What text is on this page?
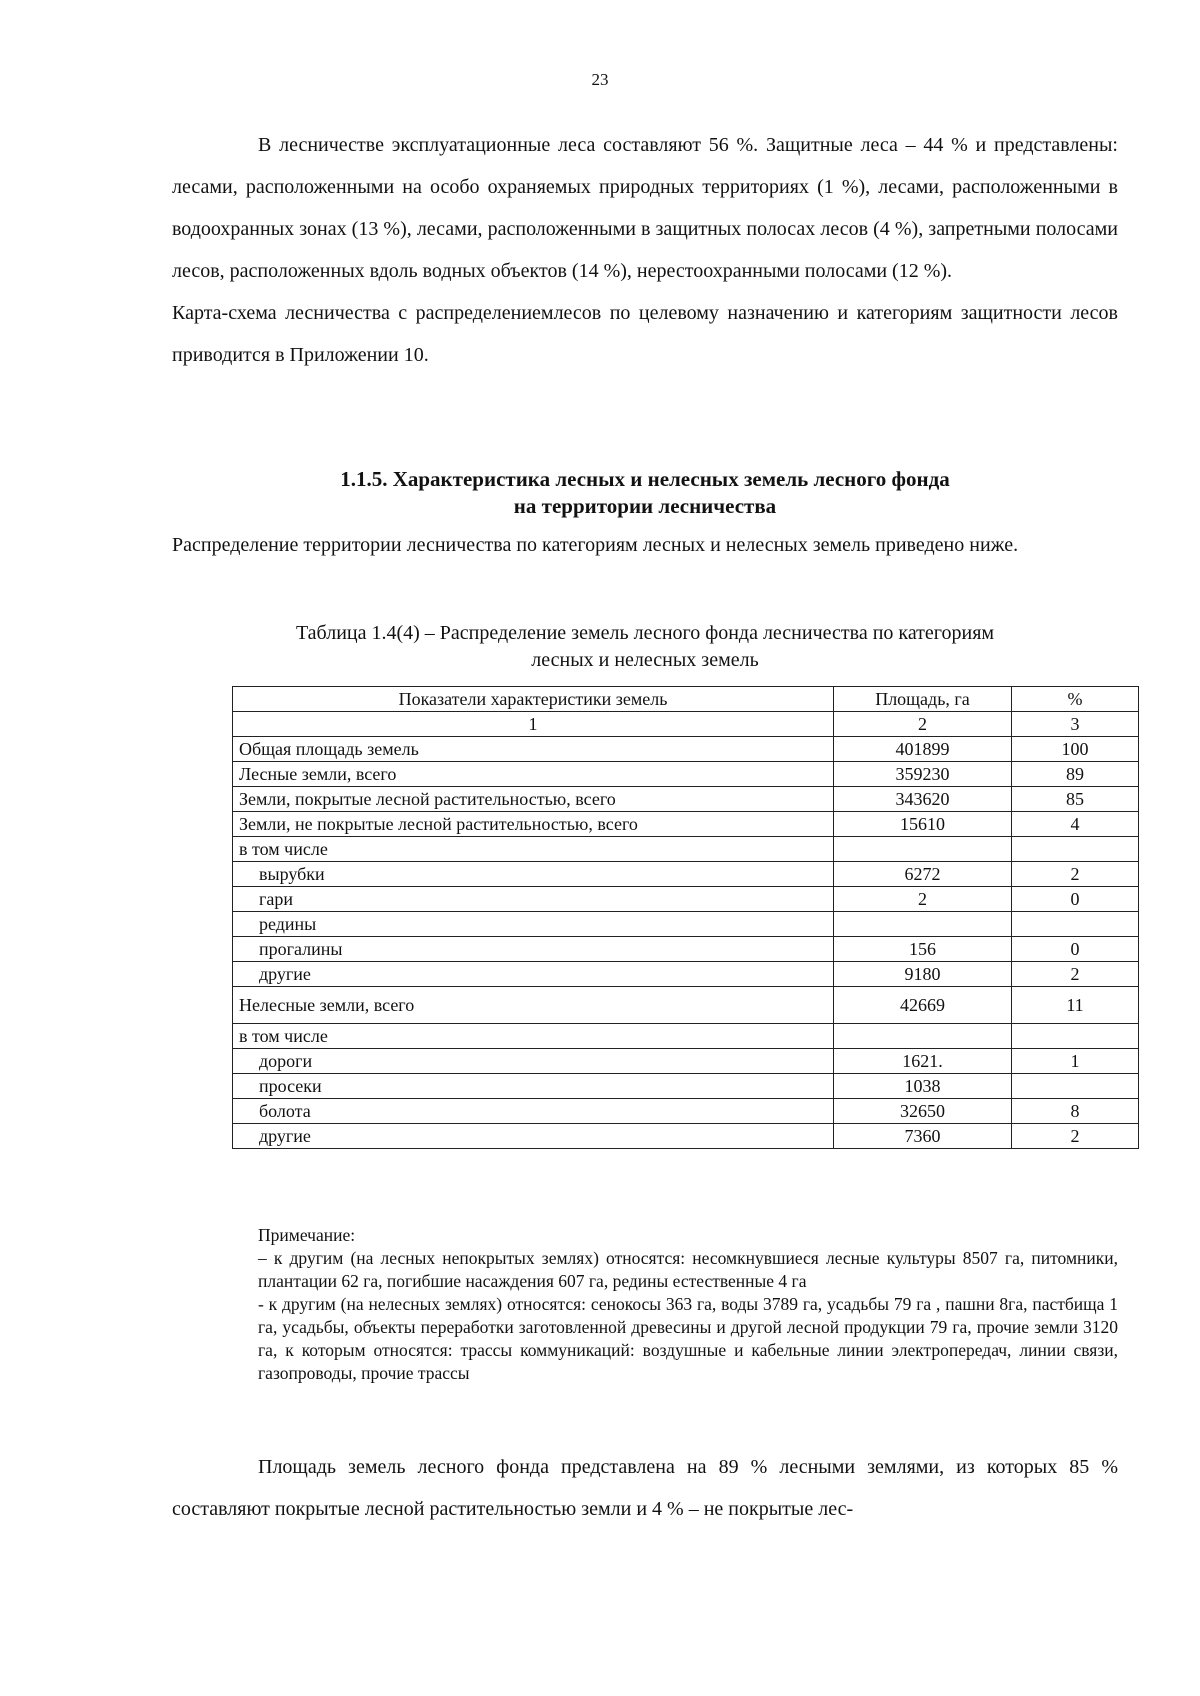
23

В лесничестве эксплуатационные леса составляют 56 %. Защитные леса – 44 % и представлены: лесами, расположенными на особо охраняемых природных территориях (1 %), лесами, расположенными в водоохранных зонах (13 %), лесами, расположенными в защитных полосах лесов (4 %), запретными полосами лесов, расположенных вдоль водных объектов (14 %), нерестоохранными полосами (12 %).

Карта-схема лесничества с распределениемлесов по целевому назначению и категориям защитности лесов приводится в Приложении 10.

1.1.5. Характеристика лесных и нелесных земель лесного фонда
на территории лесничества

Распределение территории лесничества по категориям лесных и нелесных земель приведено ниже.

Таблица 1.4(4) – Распределение земель лесного фонда лесничества по категориям
лесных и нелесных земель
Показатели характеристики земель	Площадь, га	%
1	2	3
Общая площадь земель	401899	100
Лесные земли, всего	359230	89
Земли, покрытые лесной растительностью, всего	343620	85
Земли, не покрытые лесной растительностью, всего	15610	4
в том числе		
вырубки	6272	2
гари	2	0
редины		
прогалины	156	0
другие	9180	2
Нелесные земли, всего	42669	11
в том числе		
дороги	1621.	1
просеки	1038	
болота	32650	8
другие	7360	2

Примечание:

– к другим (на лесных непокрытых землях) относятся: несомкнувшиеся лесные культуры 8507 га, питомники, плантации 62 га, погибшие насаждения 607 га, редины естественные 4 га

- к другим (на нелесных землях) относятся: сенокосы 363 га, воды 3789 га, усадьбы 79 га , пашни 8га, пастбища 1 га, усадьбы, объекты переработки заготовленной древесины и другой лесной продукции 79 га, прочие земли 3120 га, к которым относятся: трассы коммуникаций: воздушные и кабельные линии электропередач, линии связи, газопроводы, прочие трассы

Площадь земель лесного фонда представлена на 89 % лесными землями, из которых 85 % составляют покрытые лесной растительностью земли и 4 % – не покрытые лес-
